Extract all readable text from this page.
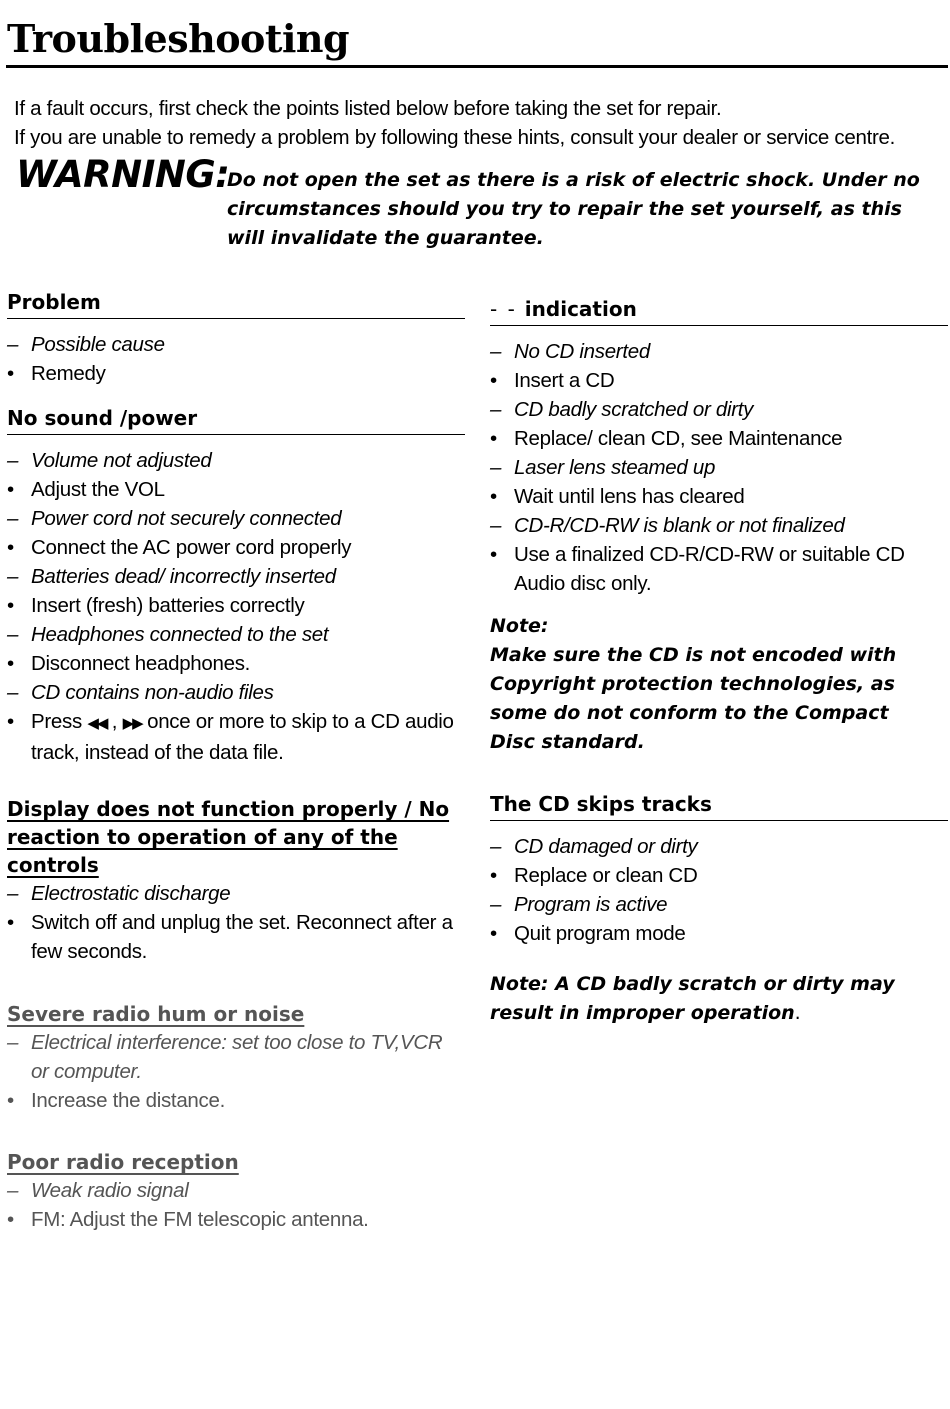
Troubleshooting
If a fault occurs, first check the points listed below before taking the set for repair.
If you are unable to remedy a problem by following these hints, consult your dealer or service centre.
WARNING:
Do not open the set as there is a risk of electric shock. Under no circumstances should you try to repair the set yourself, as this will invalidate the guarantee.
Problem
– Possible cause
• Remedy
No sound /power
– Volume not adjusted
• Adjust the VOL
– Power cord not securely connected
• Connect the AC power cord properly
– Batteries dead/ incorrectly inserted
• Insert (fresh) batteries correctly
– Headphones connected to the set
• Disconnect headphones.
– CD contains non-audio files
• Press ◀◀ , ▶▶ once or more to skip to a CD audio track, instead of the data file.
Display does not function properly / No reaction to operation of any of the controls
– Electrostatic discharge
• Switch off and unplug the set. Reconnect after a few seconds.
Severe radio hum or noise
– Electrical interference: set too close to TV,VCR or computer.
• Increase the distance.
Poor radio reception
– Weak radio signal
• FM: Adjust the FM telescopic antenna.
- - indication
– No CD inserted
• Insert a CD
– CD badly scratched or dirty
• Replace/ clean CD, see Maintenance
– Laser lens steamed up
• Wait until lens has cleared
– CD-R/CD-RW is blank or not finalized
• Use a finalized CD-R/CD-RW or suitable CD Audio disc only.
Note:
Make sure the CD is not encoded with Copyright protection technologies, as some do not conform to the Compact Disc standard.
The CD skips tracks
– CD damaged or dirty
• Replace or clean CD
– Program is active
• Quit program mode
Note: A CD badly scratch or dirty may result in improper operation.
